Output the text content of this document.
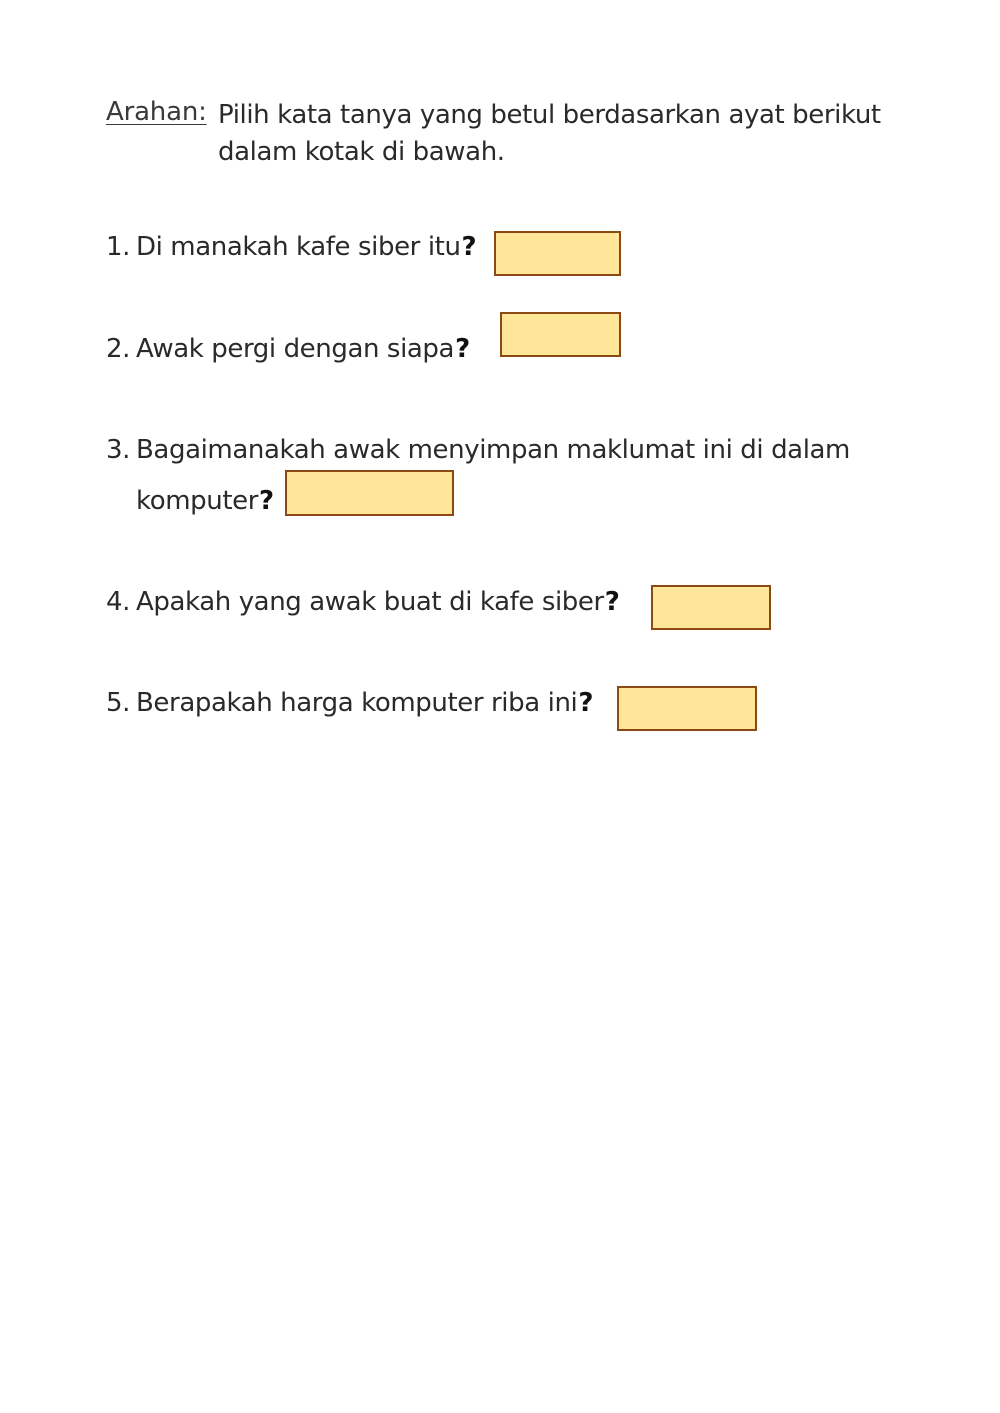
Arahan: Pilih kata tanya yang betul berdasarkan ayat berikut dalam kotak di bawah.
1. Di manakah kafe siber itu?
2. Awak pergi dengan siapa?
3. Bagaimanakah awak menyimpan maklumat ini di dalam
komputer?
4. Apakah yang awak buat di kafe siber?
5. Berapakah harga komputer riba ini?
